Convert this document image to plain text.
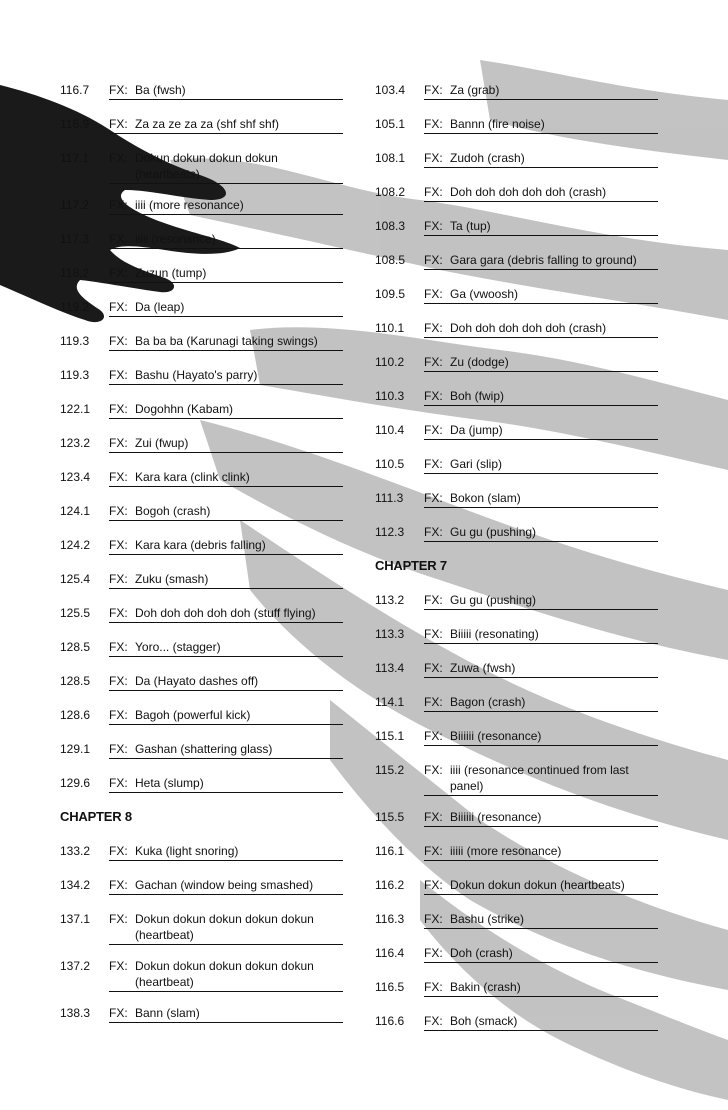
116.7	FX: Ba (fwsh)
116.9	FX: Za za ze za za (shf shf shf)
117.1	FX: Dokun dokun dokun dokun (heartbeats)
117.2	FX: iiii (more resonance)
117.3	FX: iiiii (resonance)
118.2	FX: Zuzun (tump)
119.2	FX: Da (leap)
119.3	FX: Ba ba ba (Karunagi taking swings)
119.3	FX: Bashu (Hayato's parry)
122.1	FX: Dogohhn (Kabam)
123.2	FX: Zui (fwup)
123.4	FX: Kara kara (clink clink)
124.1	FX: Bogoh (crash)
124.2	FX: Kara kara (debris falling)
125.4	FX: Zuku (smash)
125.5	FX: Doh doh doh doh doh (stuff flying)
128.5	FX: Yoro... (stagger)
128.5	FX: Da (Hayato dashes off)
128.6	FX: Bagoh (powerful kick)
129.1	FX: Gashan (shattering glass)
129.6	FX: Heta (slump)
CHAPTER 8
133.2	FX: Kuka (light snoring)
134.2	FX: Gachan (window being smashed)
137.1	FX: Dokun dokun dokun dokun dokun (heartbeat)
137.2	FX: Dokun dokun dokun dokun dokun (heartbeat)
138.3	FX: Bann (slam)
103.4	FX: Za (grab)
105.1	FX: Bannn (fire noise)
108.1	FX: Zudoh (crash)
108.2	FX: Doh doh doh doh doh (crash)
108.3	FX: Ta (tup)
108.5	FX: Gara gara (debris falling to ground)
109.5	FX: Ga (vwoosh)
110.1	FX: Doh doh doh doh doh (crash)
110.2	FX: Zu (dodge)
110.3	FX: Boh (fwip)
110.4	FX: Da (jump)
110.5	FX: Gari (slip)
111.3	FX: Bokon (slam)
112.3	FX: Gu gu (pushing)
CHAPTER 7
113.2	FX: Gu gu (pushing)
113.3	FX: Biiiii (resonating)
113.4	FX: Zuwa (fwsh)
114.1	FX: Bagon (crash)
115.1	FX: Biiiiii (resonance)
115.2	FX: iiii (resonance continued from last panel)
115.5	FX: Biiiiii (resonance)
116.1	FX: iiiii (more resonance)
116.2	FX: Dokun dokun dokun (heartbeats)
116.3	FX: Bashu (strike)
116.4	FX: Doh (crash)
116.5	FX: Bakin (crash)
116.6	FX: Boh (smack)
